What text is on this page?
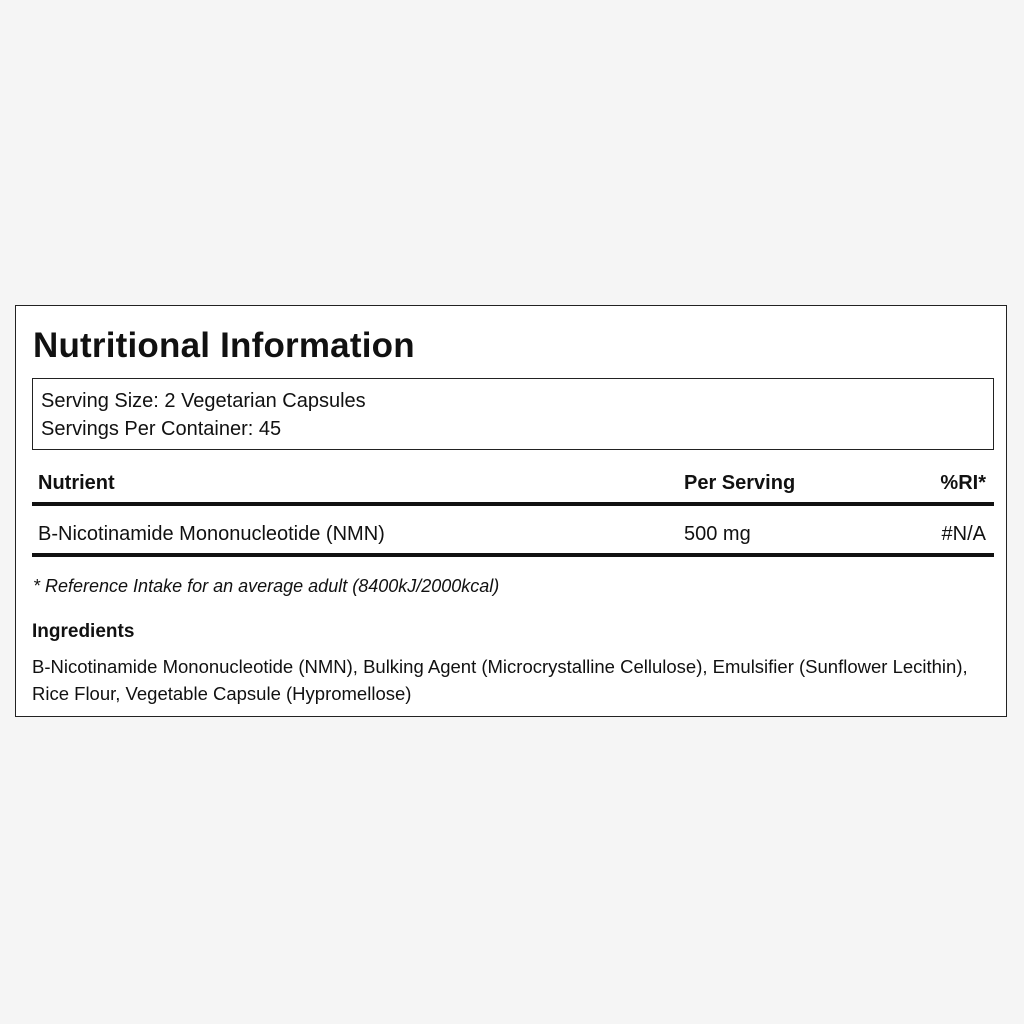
Nutritional Information
Serving Size: 2 Vegetarian Capsules
Servings Per Container: 45
Nutrient	Per Serving	%RI*
B-Nicotinamide Mononucleotide (NMN)	500 mg	#N/A
* Reference Intake for an average adult (8400kJ/2000kcal)
Ingredients
B-Nicotinamide Mononucleotide (NMN), Bulking Agent (Microcrystalline Cellulose), Emulsifier (Sunflower Lecithin), Rice Flour, Vegetable Capsule (Hypromellose)
